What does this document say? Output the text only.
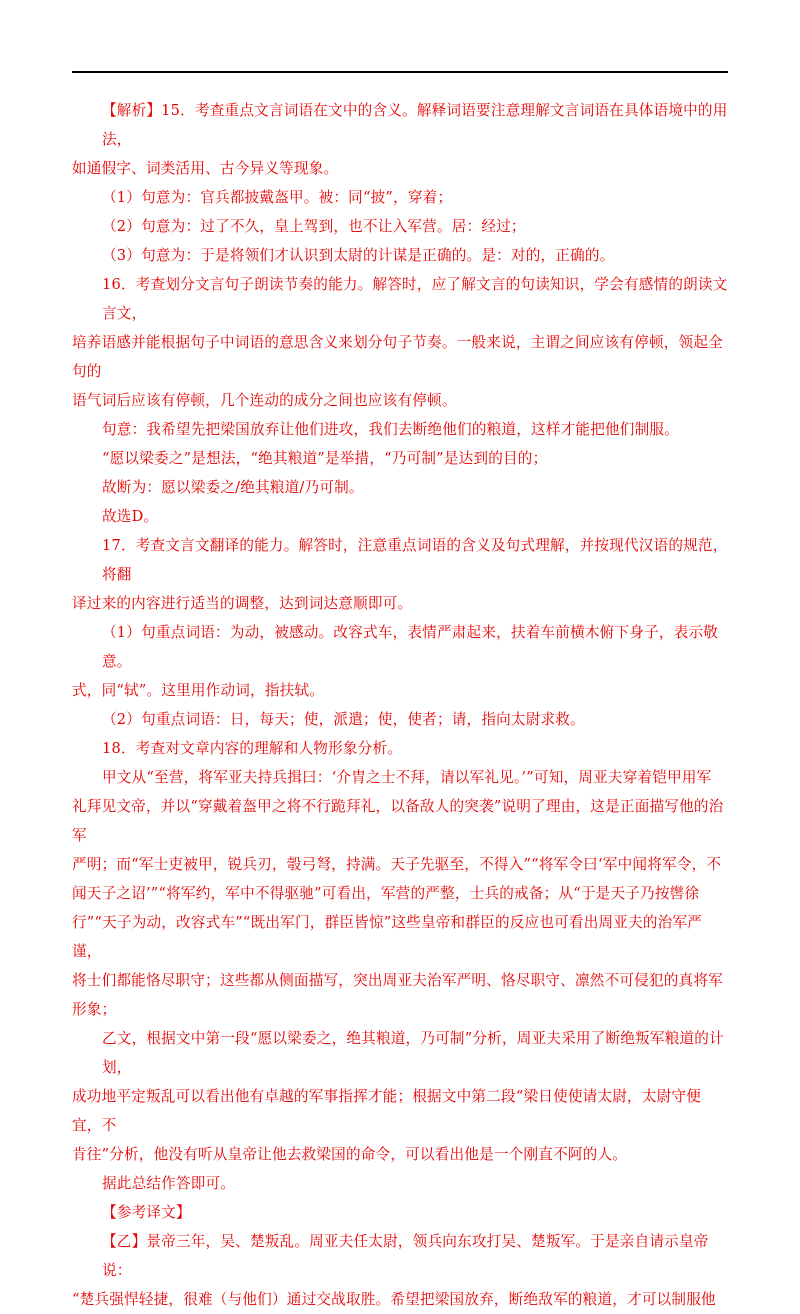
【解析】15．考查重点文言词语在文中的含义。解释词语要注意理解文言词语在具体语境中的用法，

如通假字、词类活用、古今异义等现象。

（1）句意为：官兵都披戴盔甲。被：同“披”，穿着；

（2）句意为：过了不久，皇上驾到，也不让入军营。居：经过；

（3）句意为：于是将领们才认识到太尉的计谋是正确的。是：对的，正确的。

16．考查划分文言句子朗读节奏的能力。解答时，应了解文言的句读知识，学会有感情的朗读文言文，

培养语感并能根据句子中词语的意思含义来划分句子节奏。一般来说，主谓之间应该有停顿，领起全句的

语气词后应该有停顿，几个连动的成分之间也应该有停顿。

句意：我希望先把梁国放弃让他们进攻，我们去断绝他们的粮道，这样才能把他们制服。

“愿以梁委之”是想法，“绝其粮道”是举措，“乃可制”是达到的目的；

故断为：愿以梁委之/绝其粮道/乃可制。

故选D。

17．考查文言文翻译的能力。解答时，注意重点词语的含义及句式理解，并按现代汉语的规范，将翻

译过来的内容进行适当的调整，达到词达意顺即可。

（1）句重点词语：为动，被感动。改容式车，表情严肃起来，扶着车前横木俯下身子，表示敬意。

式，同“轼”。这里用作动词，指扶轼。

（2）句重点词语：日，每天；使，派遣；使，使者；请，指向太尉求救。

18．考查对文章内容的理解和人物形象分析。

甲文从“至营，将军亚夫持兵揖曰：‘介胄之士不拜，请以军礼见。’”可知，周亚夫穿着铠甲用军

礼拜见文帝，并以“穿戴着盔甲之将不行跪拜礼，以备敌人的突袭”说明了理由，这是正面描写他的治军

严明；而“军士吏被甲，锐兵刃，彀弓弩，持满。天子先驱至，不得入”“将军令曰‘军中闻将军令，不

闻天子之诏’”“将军约，军中不得驱驰”可看出，军营的严整，士兵的戒备；从“于是天子乃按辔徐

行”“天子为动，改容式车”“既出军门，群臣皆惊”这些皇帝和群臣的反应也可看出周亚夫的治军严谨，

将士们都能恪尽职守；这些都从侧面描写，突出周亚夫治军严明、恪尽职守、凛然不可侵犯的真将军形象；

乙文，根据文中第一段“愿以梁委之，绝其粮道，乃可制”分析，周亚夫采用了断绝叛军粮道的计划，

成功地平定叛乱可以看出他有卓越的军事指挥才能；根据文中第二段“梁日使使请太尉，太尉守便宜，不

肯往”分析，他没有听从皇帝让他去救梁国的命令，可以看出他是一个刚直不阿的人。

据此总结作答即可。

【参考译文】

【乙】景帝三年，吴、楚叛乱。周亚夫任太尉，领兵向东攻打吴、楚叛军。于是亲自请示皇帝说：

“楚兵强悍轻捷，很难（与他们）通过交战取胜。希望把梁国放弃，断绝敌军的粮道，才可以制服他
